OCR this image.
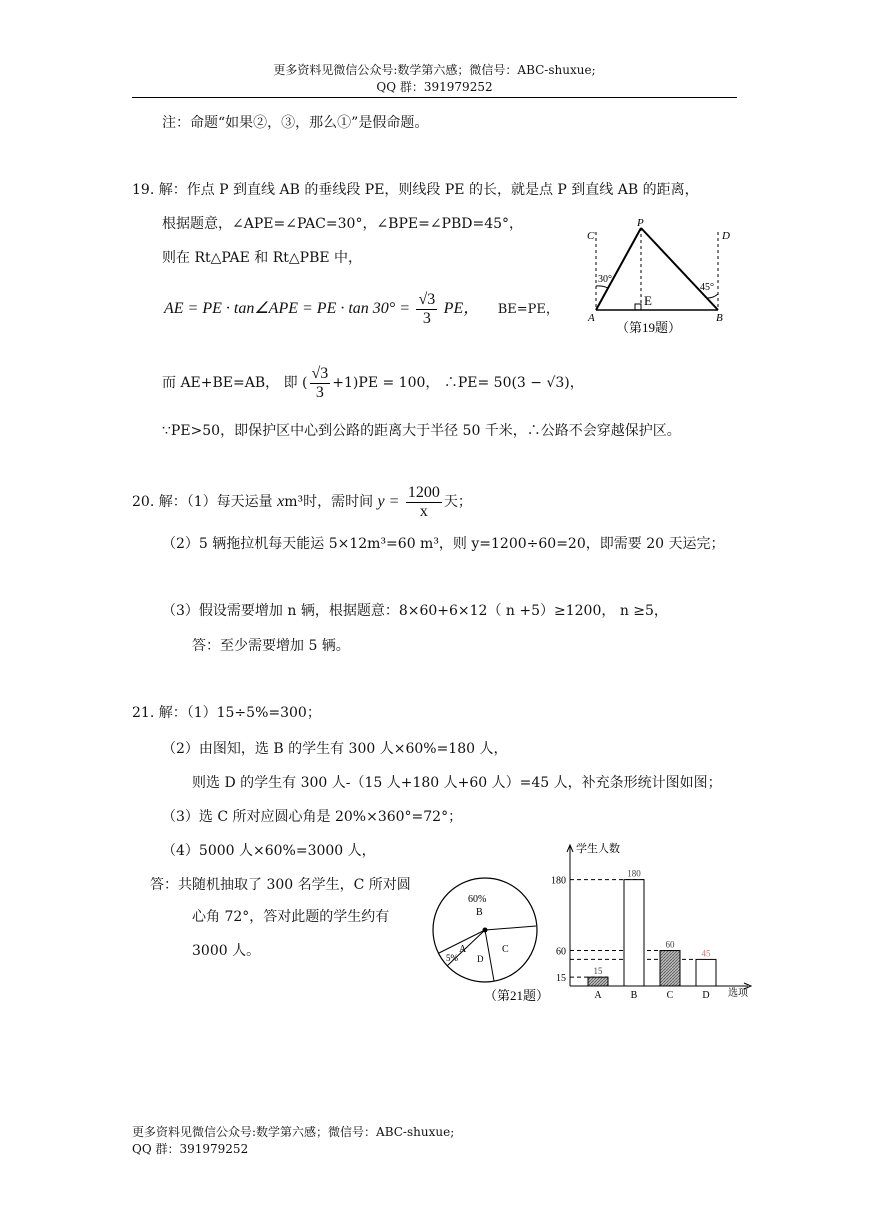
更多资料见微信公众号:数学第六感；微信号：ABC-shuxue;
QQ 群：391979252
注：命题“如果②，③，那么①”是假命题。
19. 解：作点 P 到直线 AB 的垂线段 PE，则线段 PE 的长，就是点 P 到直线 AB 的距离，
根据题意，∠APE=∠PAC=30°，∠BPE=∠PBD=45°，
则在 Rt△PAE 和 Rt△PBE 中，
AE = PE · tan∠APE = PE · $\tan 30^\circ = \frac{√3}{3}$ PE， BE=PE，
而 AE+BE=AB， 即 ( $\frac{√3}{3} +1)PE = 100$， ∴PE= 50(3 − √3)，
∵PE>50，即保护区中心到公路的距离大于半径 50 千米，∴公路不会穿越保护区。
P
C	D
A	B
E
30°
45°
（第19题）
20. 解：（1）每天运量 xm³时，需时间 $y = \frac{1200}{x}$ 天；
（2）5 辆拖拉机每天能运 5×12m³=60 m³，则 y=1200÷60=20，即需要 20 天运完；
（3）假设需要增加 n 辆，根据题意：8×60+6×12（ n +5）≥1200， n ≥5，
答：至少需要增加 5 辆。
21. 解：（1）15÷5%=300；
（2）由图知，选 B 的学生有 300 人×60%=180 人，
则选 D 的学生有 300 人-（15 人+180 人+60 人）=45 人，补充条形统计图如图；
（3）选 C 所对应圆心角是 20%×360°=72°；
（4）5000 人×60%=3000 人，
答：共随机抽取了 300 名学生，C 所对圆
心角 72°，答对此题的学生约有
3000 人。
60%
B
A
5%
C
D
（第21题）
学生人数
选项
15
60
180
15
A
180
B
60
C
45
D
更多资料见微信公众号:数学第六感；微信号：ABC-shuxue;
QQ 群：391979252
